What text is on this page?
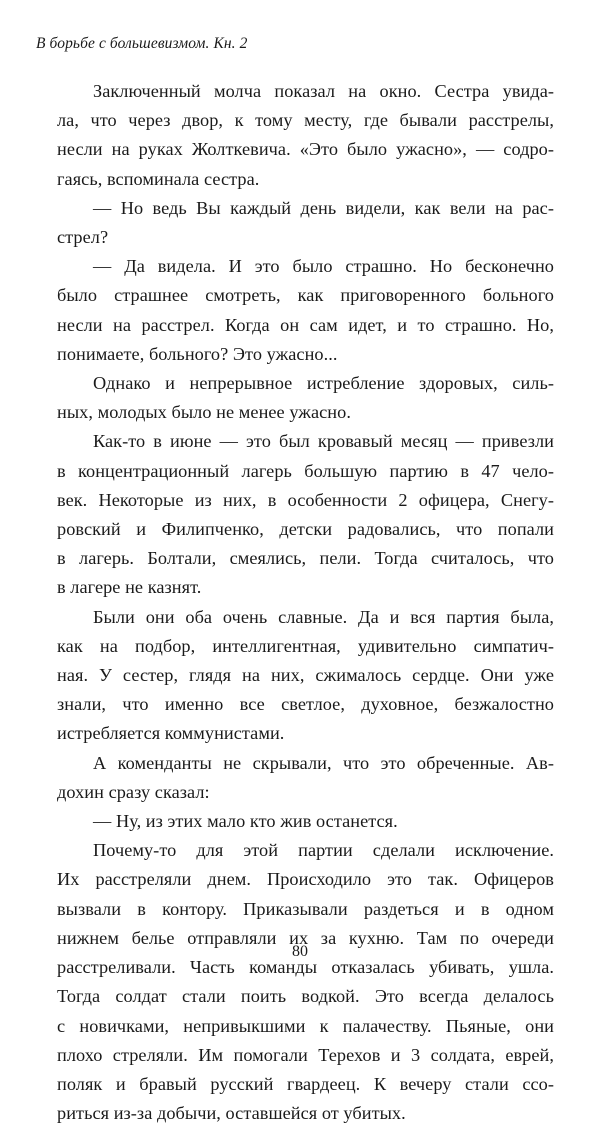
В борьбе с большевизмом. Кн. 2
Заключенный молча показал на окно. Сестра увида-
ла, что через двор, к тому месту, где бывали расстрелы,
несли на руках Жолткевича. «Это было ужасно», — содро-
гаясь, вспоминала сестра.
— Но ведь Вы каждый день видели, как вели на рас-
стрел?
— Да видела. И это было страшно. Но бесконечно
было страшнее смотреть, как приговоренного больного
несли на расстрел. Когда он сам идет, и то страшно. Но,
понимаете, больного? Это ужасно...
Однако и непрерывное истребление здоровых, силь-
ных, молодых было не менее ужасно.
Как-то в июне — это был кровавый месяц — привезли
в концентрационный лагерь большую партию в 47 чело-
век. Некоторые из них, в особенности 2 офицера, Снегу-
ровский и Филипченко, детски радовались, что попали
в лагерь. Болтали, смеялись, пели. Тогда считалось, что
в лагере не казнят.
Были они оба очень славные. Да и вся партия была,
как на подбор, интеллигентная, удивительно симпатич-
ная. У сестер, глядя на них, сжималось сердце. Они уже
знали, что именно все светлое, духовное, безжалостно
истребляется коммунистами.
А коменданты не скрывали, что это обреченные. Ав-
дохин сразу сказал:
— Ну, из этих мало кто жив останется.
Почему-то для этой партии сделали исключение.
Их расстреляли днем. Происходило это так. Офицеров
вызвали в контору. Приказывали раздеться и в одном
нижнем белье отправляли их за кухню. Там по очереди
расстреливали. Часть команды отказалась убивать, ушла.
Тогда солдат стали поить водкой. Это всегда делалось
с новичками, непривыкшими к палачеству. Пьяные, они
плохо стреляли. Им помогали Терехов и 3 солдата, еврей,
поляк и бравый русский гвардеец. К вечеру стали ссо-
риться из-за добычи, оставшейся от убитых.
80
